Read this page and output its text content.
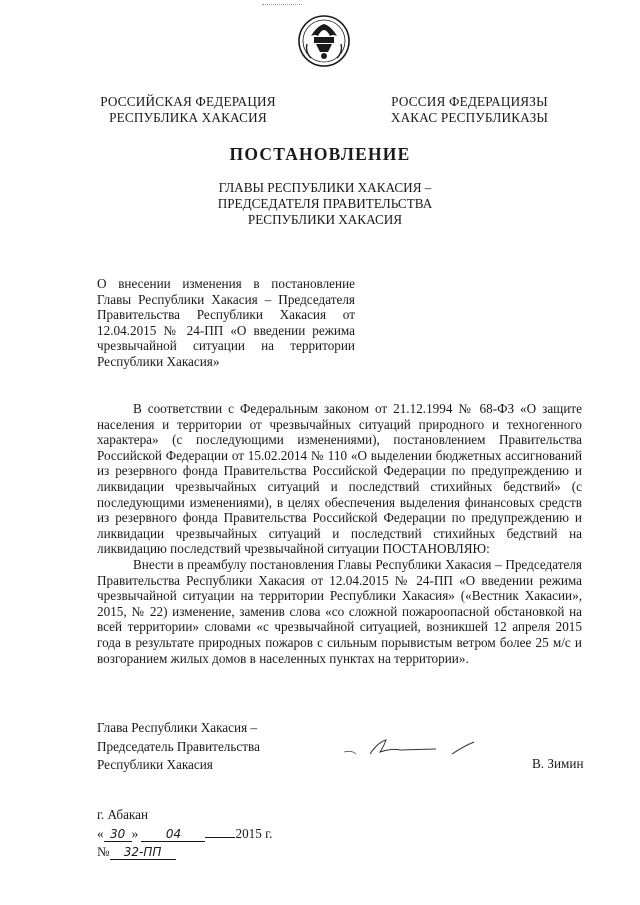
РОССИЙСКАЯ ФЕДЕРАЦИЯ
РЕСПУБЛИКА ХАКАСИЯ
РОССИЯ ФЕДЕРАЦИЯЗЫ
ХАКАС РЕСПУБЛИКАЗЫ
ПОСТАНОВЛЕНИЕ
ГЛАВЫ РЕСПУБЛИКИ ХАКАСИЯ –
ПРЕДСЕДАТЕЛЯ ПРАВИТЕЛЬСТВА
РЕСПУБЛИКИ ХАКАСИЯ
О внесении изменения в постановление Главы Республики Хакасия – Председателя Правительства Республики Хакасия от 12.04.2015 № 24-ПП «О введении режима чрезвычайной ситуации на территории Республики Хакасия»

В соответствии с Федеральным законом от 21.12.1994 № 68-ФЗ «О защите населения и территории от чрезвычайных ситуаций природного и техногенного характера» (с последующими изменениями), постановлением Правительства Российской Федерации от 15.02.2014 № 110 «О выделении бюджетных ассигнований из резервного фонда Правительства Российской Федерации по предупреждению и ликвидации чрезвычайных ситуаций и последствий стихийных бедствий» (с последующими изменениями), в целях обеспечения выделения финансовых средств из резервного фонда Правительства Российской Федерации по предупреждению и ликвидации чрезвычайных ситуаций и последствий стихийных бедствий на ликвидацию последствий чрезвычайной ситуации ПОСТАНОВЛЯЮ:

Внести в преамбулу постановления Главы Республики Хакасия – Председателя Правительства Республики Хакасия от 12.04.2015 № 24-ПП «О введении режима чрезвычайной ситуации на территории Республики Хакасия» («Вестник Хакасии», 2015, № 22) изменение, заменив слова «со сложной пожароопасной обстановкой на всей территории» словами «с чрезвычайной ситуацией, возникшей 12 апреля 2015 года в результате природных пожаров с сильным порывистым ветром более 25 м/с и возгоранием жилых домов в населенных пунктах на территории».

Глава Республики Хакасия –
Председатель Правительства
Республики Хакасия	В. Зимин
г. Абакан
« 30 » 04	2015 г.
№ 32-ПП
